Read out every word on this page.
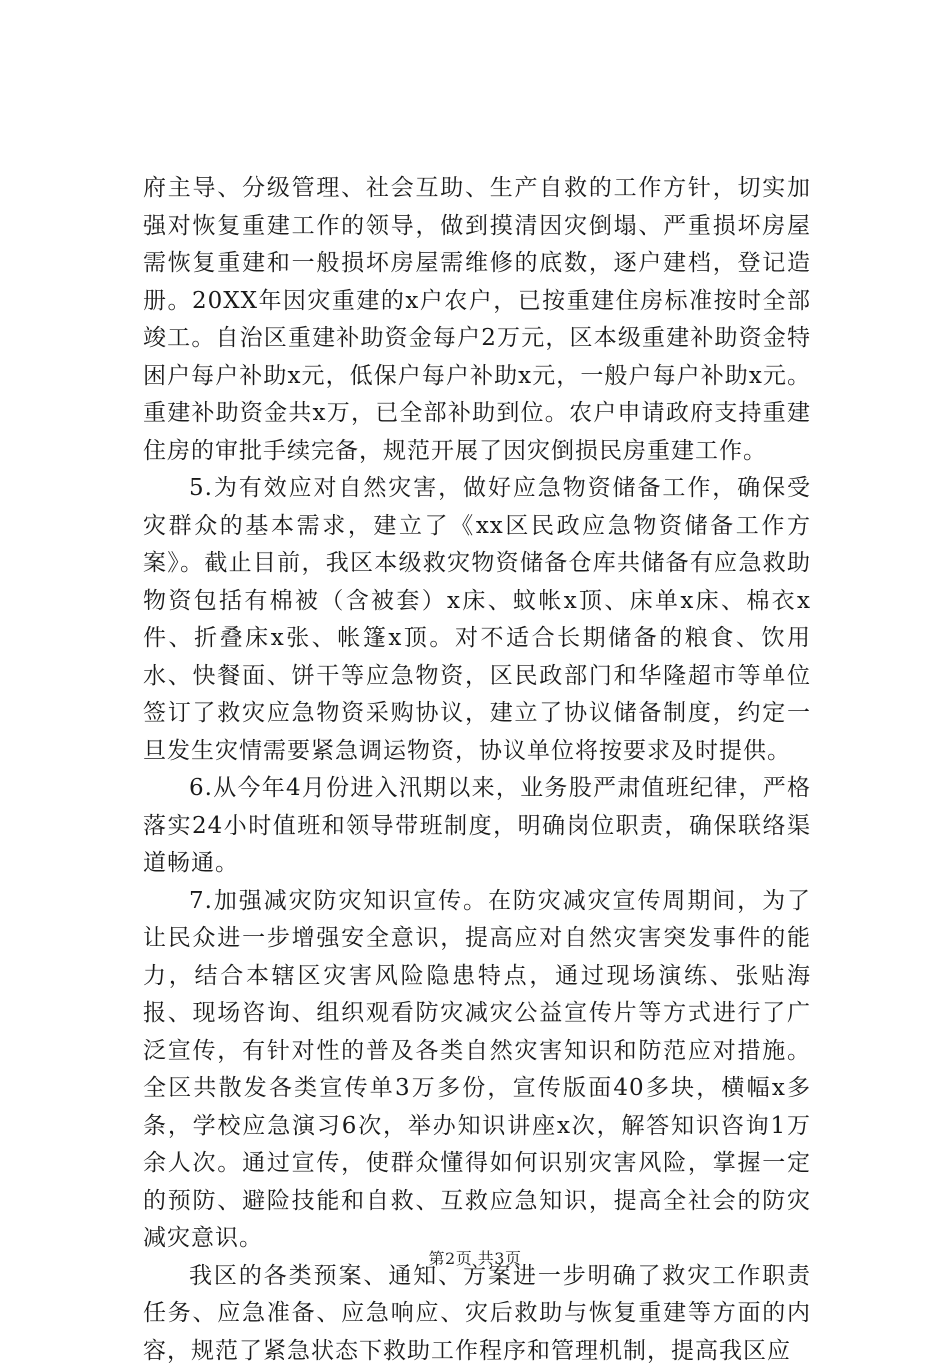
府主导、分级管理、社会互助、生产自救的工作方针，切实加强对恢复重建工作的领导，做到摸清因灾倒塌、严重损坏房屋需恢复重建和一般损坏房屋需维修的底数，逐户建档，登记造册。20XX年因灾重建的x户农户，已按重建住房标准按时全部竣工。自治区重建补助资金每户2万元，区本级重建补助资金特困户每户补助x元，低保户每户补助x元，一般户每户补助x元。重建补助资金共x万，已全部补助到位。农户申请政府支持重建住房的审批手续完备，规范开展了因灾倒损民房重建工作。

5.为有效应对自然灾害，做好应急物资储备工作，确保受灾群众的基本需求，建立了《xx区民政应急物资储备工作方案》。截止目前，我区本级救灾物资储备仓库共储备有应急救助物资包括有棉被（含被套）x床、蚊帐x顶、床单x床、棉衣x件、折叠床x张、帐篷x顶。对不适合长期储备的粮食、饮用水、快餐面、饼干等应急物资，区民政部门和华隆超市等单位签订了救灾应急物资采购协议，建立了协议储备制度，约定一旦发生灾情需要紧急调运物资，协议单位将按要求及时提供。

6.从今年4月份进入汛期以来，业务股严肃值班纪律，严格落实24小时值班和领导带班制度，明确岗位职责，确保联络渠道畅通。

7.加强减灾防灾知识宣传。在防灾减灾宣传周期间，为了让民众进一步增强安全意识，提高应对自然灾害突发事件的能力，结合本辖区灾害风险隐患特点，通过现场演练、张贴海报、现场咨询、组织观看防灾减灾公益宣传片等方式进行了广泛宣传，有针对性的普及各类自然灾害知识和防范应对措施。全区共散发各类宣传单3万多份，宣传版面40多块，横幅x多条，学校应急演习6次，举办知识讲座x次，解答知识咨询1万余人次。通过宣传，使群众懂得如何识别灾害风险，掌握一定的预防、避险技能和自救、互救应急知识，提高全社会的防灾减灾意识。

我区的各类预案、通知、方案进一步明确了救灾工作职责任务、应急准备、应急响应、灾后救助与恢复重建等方面的内容，规范了紧急状态下救助工作程序和管理机制，提高我区应

第2页 共3页
